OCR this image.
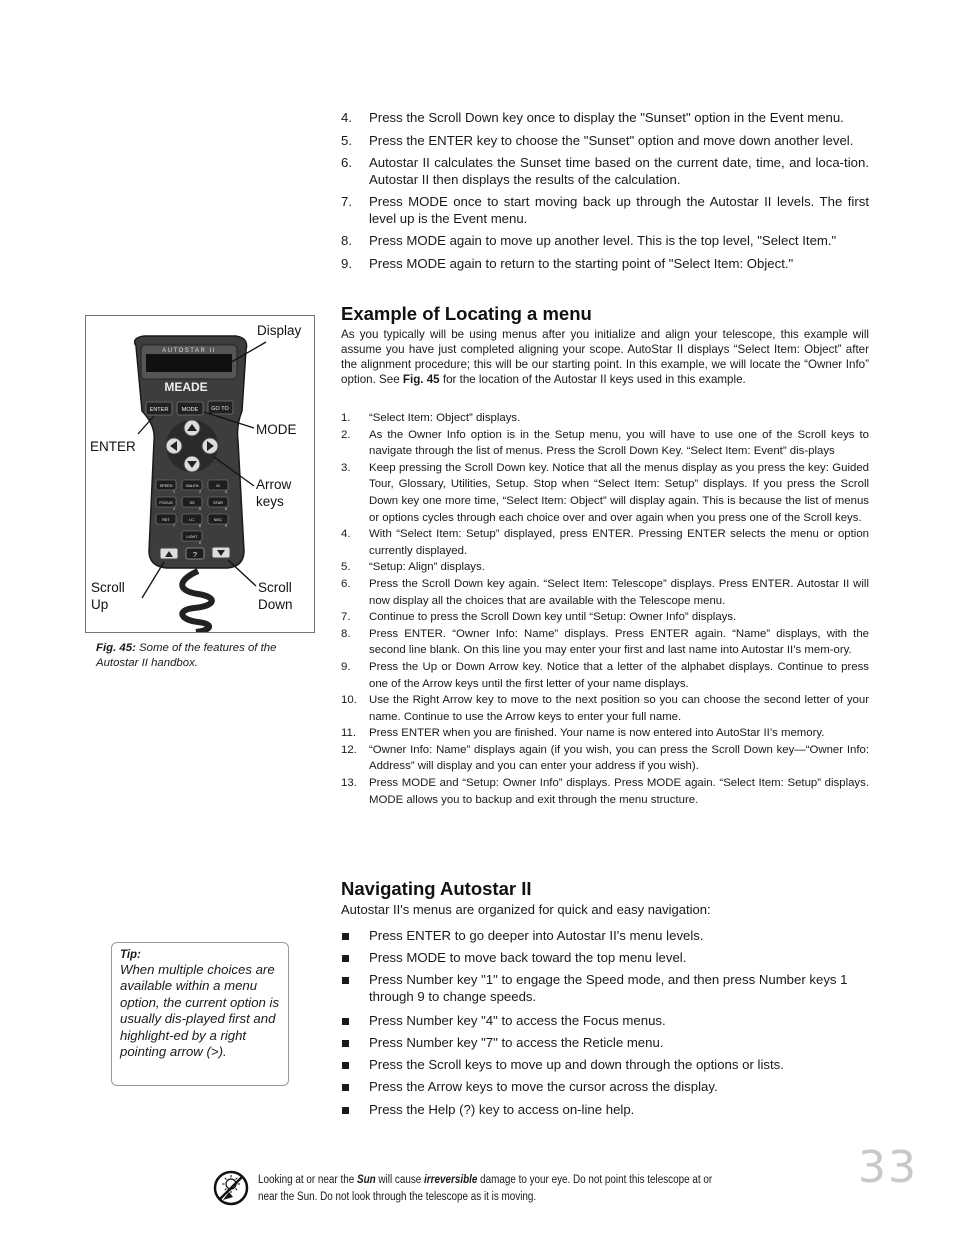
4.	Press the Scroll Down key once to display the "Sunset" option in the Event menu.
5.	Press the ENTER key to choose the "Sunset" option and move down another level.
6.	Autostar II calculates the Sunset time based on the current date, time, and loca-tion. Autostar II then displays the results of the calculation.
7.	Press MODE once to start moving back up through the Autostar II levels. The first level up is the Event menu.
8.	Press MODE again to move up another level. This is the top level, "Select Item."
9.	Press MODE again to return to the starting point of "Select Item: Object."
Example of Locating a menu
As you typically will be using menus after you initialize and align your telescope, this example will assume you have just completed aligning your scope. AutoStar II displays “Select Item: Object” after the alignment procedure; this will be our starting point. In this example, we will locate the “Owner Info” option. See Fig. 45 for the location of the Autostar II keys used in this example.
1.	“Select Item: Object” displays.
2.	As the Owner Info option is in the Setup menu, you will have to use one of the Scroll keys to navigate through the list of menus. Press the Scroll Down Key. “Select Item: Event” dis-plays
3.	Keep pressing the Scroll Down key. Notice that all the menus display as you press the key: Guided Tour, Glossary, Utilities, Setup. Stop when “Select Item: Setup” displays. If you press the Scroll Down key one more time, “Select Item: Object” will display again. This is because the list of menus or options cycles through each choice over and over again when you press one of the Scroll keys.
4.	With “Select Item: Setup” displayed, press ENTER. Pressing ENTER selects the menu or option currently displayed.
5.	“Setup: Align” displays.
6.	Press the Scroll Down key again. “Select Item: Telescope” displays. Press ENTER. Autostar II will now display all the choices that are available with the Telescope menu.
7.	Continue to press the Scroll Down key until “Setup: Owner Info” displays.
8.	Press ENTER. “Owner Info: Name” displays. Press ENTER again. “Name” displays, with the second line blank. On this line you may enter your first and last name into Autostar II’s mem-ory.
9.	Press the Up or Down Arrow key. Notice that a letter of the alphabet displays. Continue to press one of the Arrow keys until the first letter of your name displays.
10.	Use the Right Arrow key to move to the next position so you can choose the second letter of your name. Continue to use the Arrow keys to enter your full name.
11.	Press ENTER when you are finished. Your name is now entered into AutoStar II’s memory.
12.	“Owner Info: Name” displays again (if you wish, you can press the Scroll Down key—“Owner Info: Address” will display and you can enter your address if you wish).
13.	Press MODE and “Setup: Owner Info” displays. Press MODE again. “Select Item: Setup” displays. MODE allows you to backup and exit through the menu structure.
Navigating Autostar II
Autostar II's menus are organized for quick and easy navigation:
Press ENTER to go deeper into Autostar II's menu levels.
Press MODE to move back toward the top menu level.
Press Number key "1" to engage the Speed mode, and then press Number keys 1 through 9 to change speeds.
Press Number key "4" to access the Focus menus.
Press Number key "7" to access the Reticle menu.
Press the Scroll keys to move up and down through the options or lists.
Press the Arrow keys to move the cursor across the display.
Press the Help (?) key to access on-line help.
AUTOSTAR II
MEADE
ENTER MODE GO TO
SPEED
1
GALEN
2
M
3
FOCUS
4
SS
5
STAR
6
RET
7
I.C.
8
NGC
9
LIGHT
0
?
Display
MODE
ENTER
Arrow
keys
Scroll
Up
Scroll
Down
Fig. 45: Some of the features of the Autostar II handbox.
Tip:
When multiple choices are available within a menu option, the current option is usually dis-played first and highlight-ed by a right pointing arrow (>).
Looking at or near the Sun will cause irreversible damage to your eye. Do not point this telescope at or near the Sun. Do not look through the telescope as it is moving.
33
